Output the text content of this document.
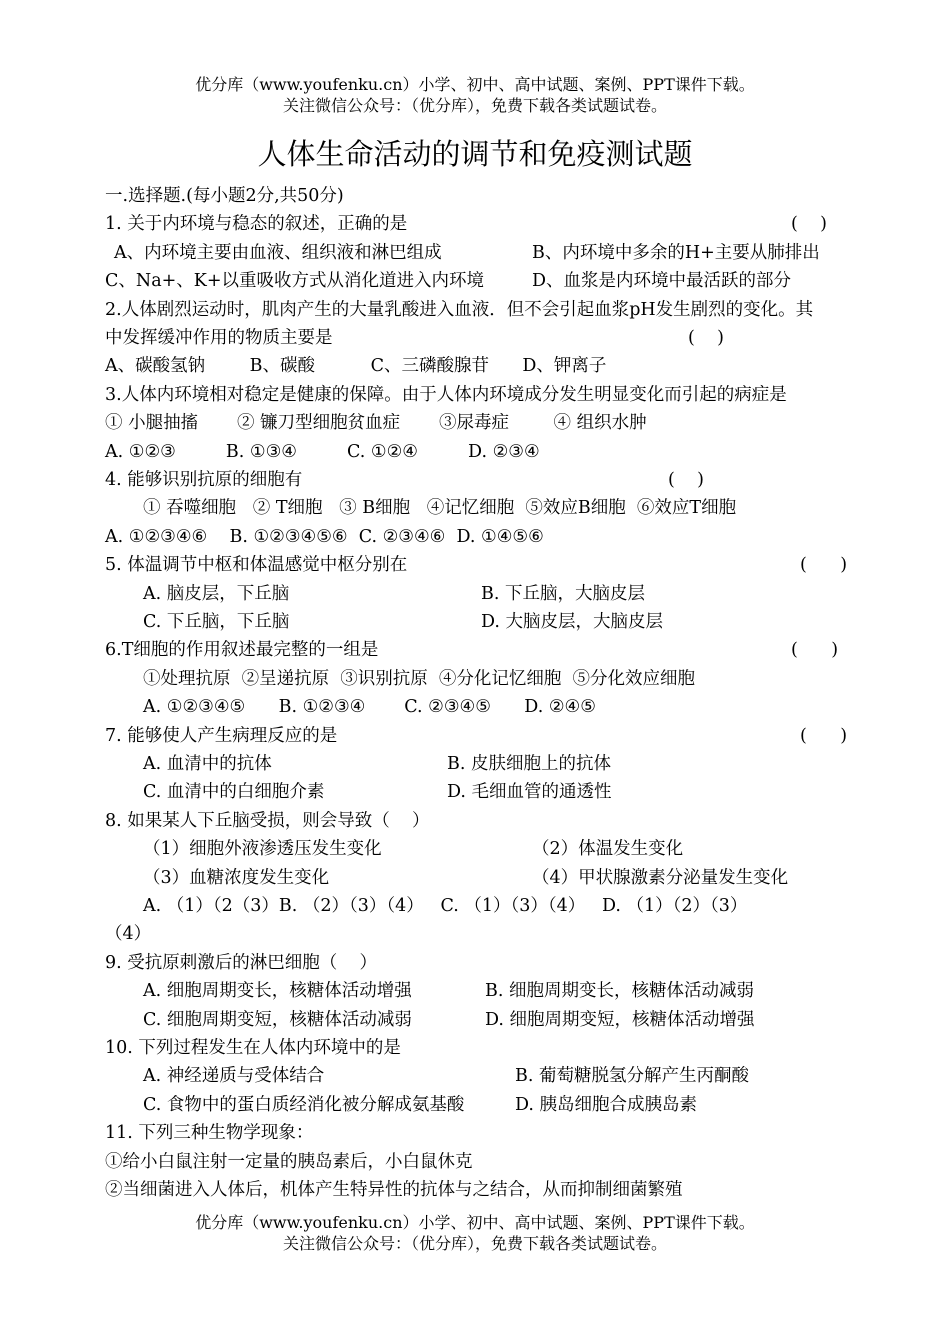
优分库（www.youfenku.cn）小学、初中、高中试题、案例、PPT课件下载。
关注微信公众号：（优分库），免费下载各类试题试卷。
人体生命活动的调节和免疫测试题
一.选择题.(每小题2分,共50分)
1. 关于内环境与稳态的叙述，正确的是	(    )
A、内环境主要由血液、组织液和淋巴组成	B、内环境中多余的H+主要从肺排出
C、Na+、K+以重吸收方式从消化道进入内环境	D、血浆是内环境中最活跃的部分
2.人体剧烈运动时，肌肉产生的大量乳酸进入血液．但不会引起血浆pH发生剧烈的变化。其
中发挥缓冲作用的物质主要是	(    )
A、碳酸氢钠        B、碳酸          C、三磷酸腺苷      D、钾离子
3.人体内环境相对稳定是健康的保障。由于人体内环境成分发生明显变化而引起的病症是
① 小腿抽搐       ② 镰刀型细胞贫血症       ③尿毒症        ④ 组织水肿
A. ①②③         B. ①③④         C. ①②④         D. ②③④
4. 能够识别抗原的细胞有	(    )
① 吞噬细胞   ② T细胞   ③ B细胞   ④记忆细胞  ⑤效应B细胞  ⑥效应T细胞
A. ①②③④⑥    B. ①②③④⑤⑥  C. ②③④⑥  D. ①④⑤⑥
5. 体温调节中枢和体温感觉中枢分别在	(      )
A. 脑皮层，下丘脑	B. 下丘脑，大脑皮层
C. 下丘脑，下丘脑	D. 大脑皮层，大脑皮层
6.T细胞的作用叙述最完整的一组是	(      )
①处理抗原  ②呈递抗原  ③识别抗原  ④分化记忆细胞  ⑤分化效应细胞
A. ①②③④⑤      B. ①②③④       C. ②③④⑤      D. ②④⑤
7. 能够使人产生病理反应的是	(      )
A. 血清中的抗体	B. 皮肤细胞上的抗体
C. 血清中的白细胞介素	D. 毛细血管的通透性
8. 如果某人下丘脑受损，则会导致（    ）
（1）细胞外液渗透压发生变化	（2）体温发生变化
（3）血糖浓度发生变化	（4）甲状腺激素分泌量发生变化
A. （1）（2（3）B. （2）（3）（4）   C. （1）（3）（4）   D. （1）（2）（3）
（4）
9. 受抗原刺激后的淋巴细胞（    ）
A. 细胞周期变长，核糖体活动增强	B. 细胞周期变长，核糖体活动减弱
C. 细胞周期变短，核糖体活动减弱	D. 细胞周期变短，核糖体活动增强
10. 下列过程发生在人体内环境中的是
A. 神经递质与受体结合	B. 葡萄糖脱氢分解产生丙酮酸
C. 食物中的蛋白质经消化被分解成氨基酸	D. 胰岛细胞合成胰岛素
11. 下列三种生物学现象：
①给小白鼠注射一定量的胰岛素后，小白鼠休克
②当细菌进入人体后，机体产生特异性的抗体与之结合，从而抑制细菌繁殖
优分库（www.youfenku.cn）小学、初中、高中试题、案例、PPT课件下载。
关注微信公众号：（优分库），免费下载各类试题试卷。
